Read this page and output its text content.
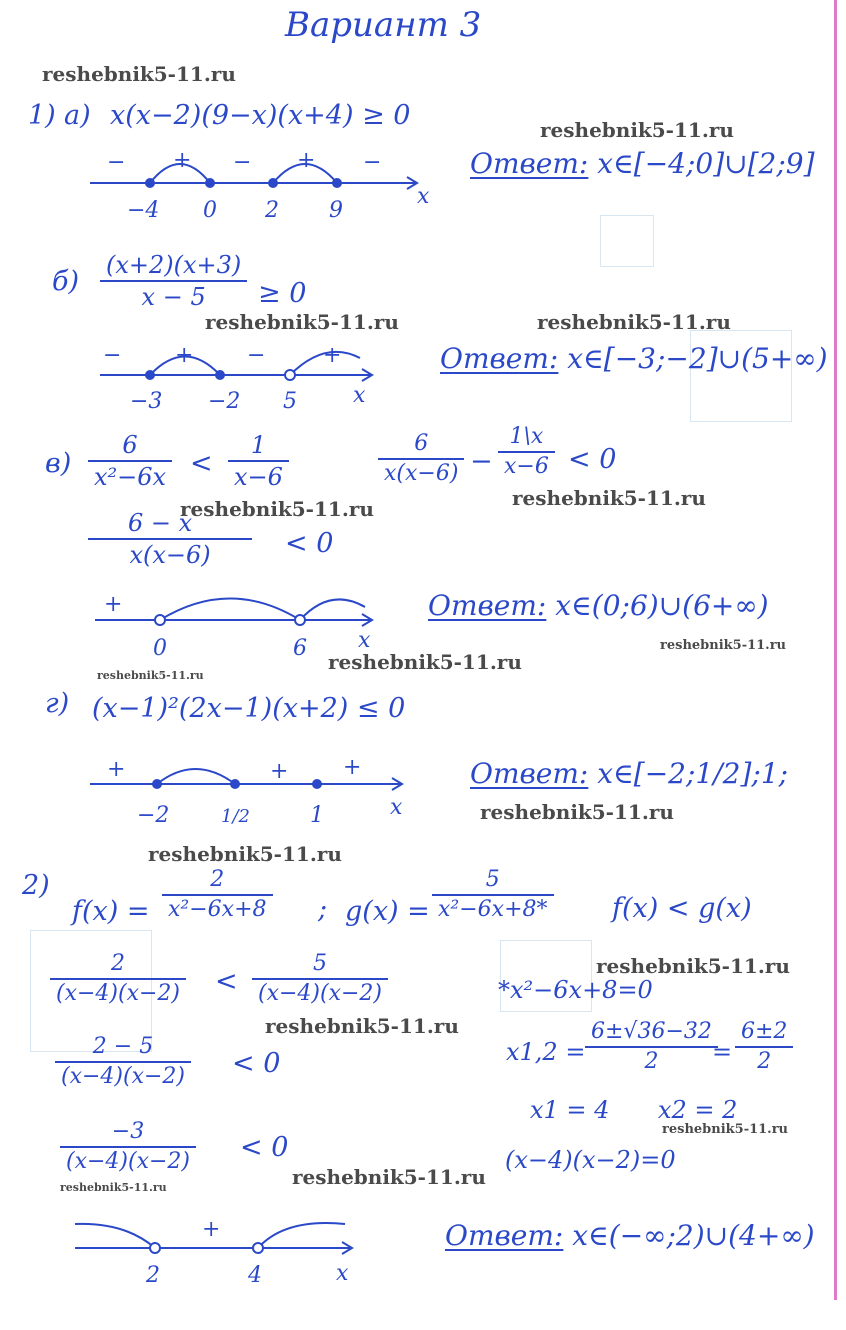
Вариант 3
1) а) x(x−2)(9−x)(x+4) ≥ 0
− + − + −
−4 0 2 9
x
Ответ: x∈[−4;0]∪[2;9]
$б) \frac{(x+2)(x+3)}{x - 5} \ge 0$
− + −	+
−3 −2 5	x
Ответ: x∈[−3;−2]∪(5+∞)
$в) \frac{6}{\text{x²−6x}} < \frac{1}{x-6}$	$\frac{6}{x(x-6)} - \frac{1\backslash x}{x-6} < 0$
$\frac{6 - x}{x(x-6)} < 0$
+
0	6 x
Ответ: x∈(0;6)∪(6+∞)
г) (x−1)²(2x−1)(x+2) ≤ 0
+	+ +
−2	1/2	1	x
Ответ: x∈[−2;1/2];1;
2)
$f(x) = \frac{2}{\text{x²−6x+8}}$ ; $g(x) = \frac{5}{\text{x²−6x+8*}} f(x) < g(x)$
$\frac{2}{(x-4)(x-2)} < \frac{5}{(x-4)(x-2)}$
$\frac{2 - 5}{(x-4)(x-2)} < 0$
$\frac{-3}{(x-4)(x-2)} < 0$
*x²−6x+8=0
$x1,2 = \frac{6\pm√36-32}{2}$
= $\frac{6\pm 2}{2}$
x1 = 4 x2 = 2
(x−4)(x−2)=0
+
2	4	x
Ответ: x∈(−∞;2)∪(4+∞)
reshebnik5-11.ru
reshebnik5-11.ru
reshebnik5-11.ru	reshebnik5-11.ru
reshebnik5-11.ru	reshebnik5-11.ru
reshebnik5-11.ru
reshebnik5-11.ru
reshebnik5-11.ru
reshebnik5-11.ru
reshebnik5-11.ru
reshebnik5-11.ru
reshebnik5-11.ru
reshebnik5-11.ru
reshebnik5-11.ru
reshebnik5-11.ru
